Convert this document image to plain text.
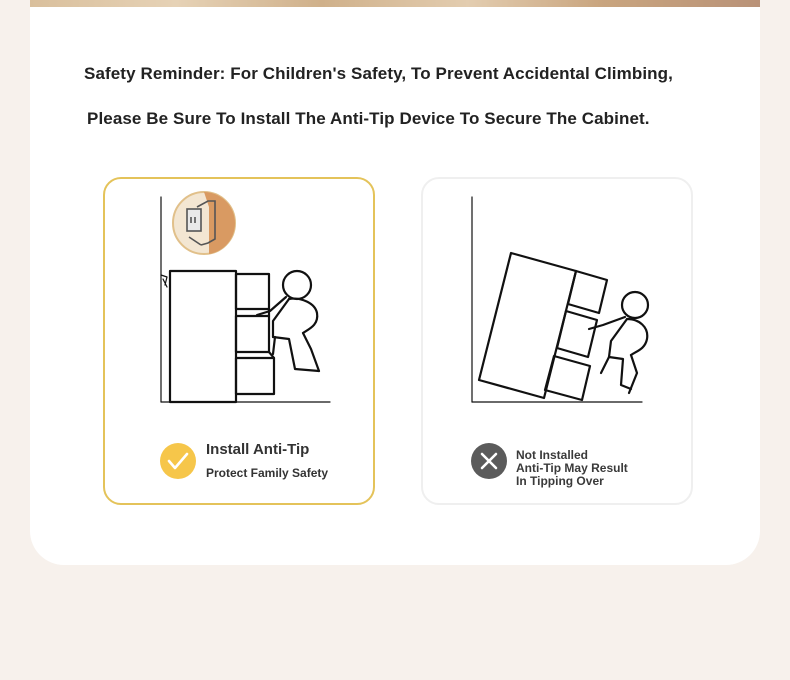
Safety Reminder: For Children's Safety, To Prevent Accidental Climbing,
Please Be Sure To Install The Anti-Tip Device To Secure The Cabinet.
Install Anti-Tip
Protect Family Safety
Not Installed
Anti-Tip May Result
In Tipping Over
